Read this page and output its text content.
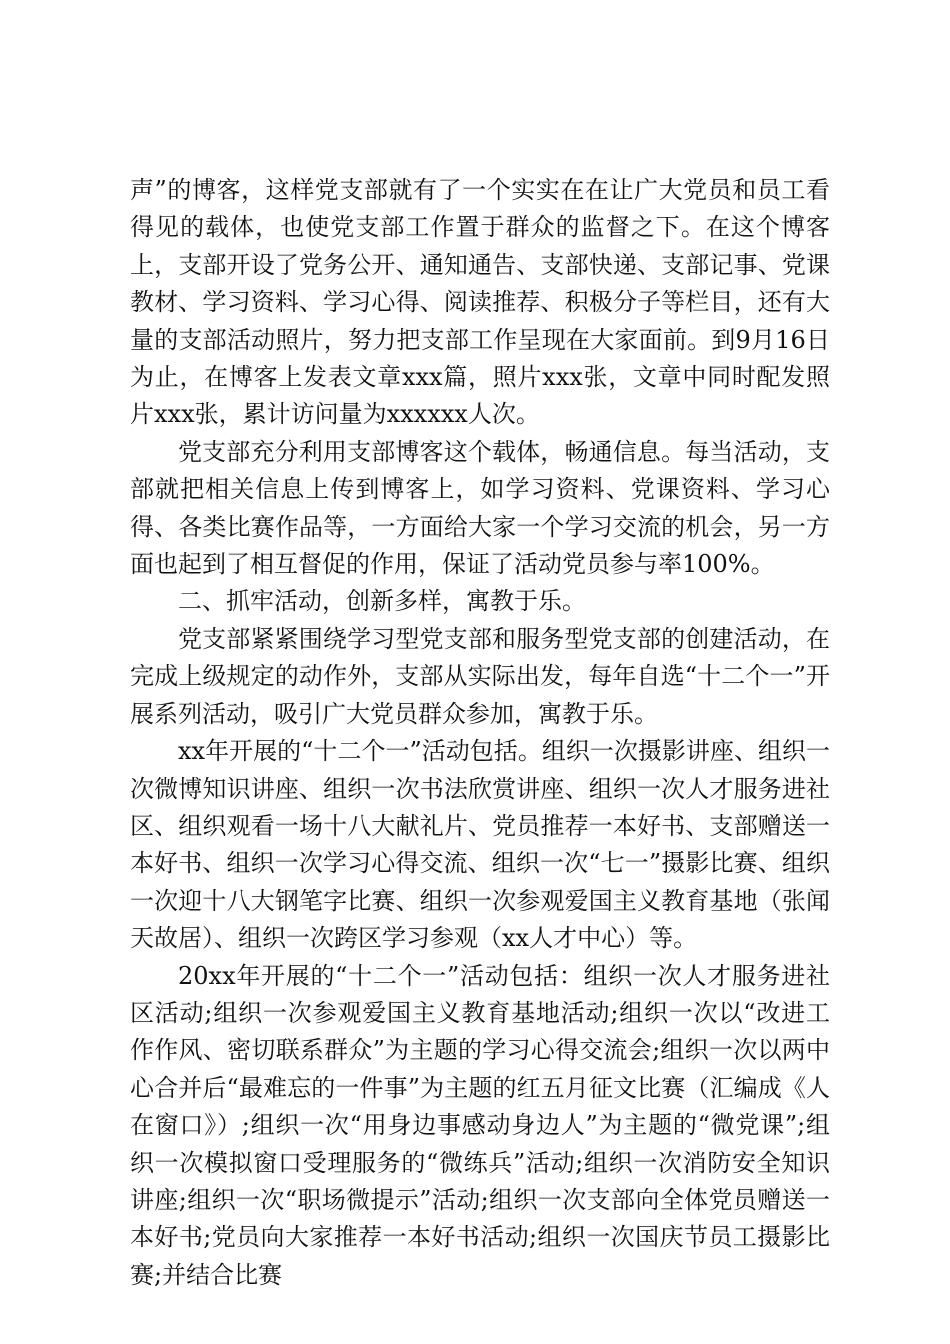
声”的博客，这样党支部就有了一个实实在在让广大党员和员工看得见的载体，也使党支部工作置于群众的监督之下。在这个博客上，支部开设了党务公开、通知通告、支部快递、支部记事、党课教材、学习资料、学习心得、阅读推荐、积极分子等栏目，还有大量的支部活动照片，努力把支部工作呈现在大家面前。到9月16日为止，在博客上发表文章xxx篇，照片xxx张，文章中同时配发照片xxx张，累计访问量为xxxxxx人次。

党支部充分利用支部博客这个载体，畅通信息。每当活动，支部就把相关信息上传到博客上，如学习资料、党课资料、学习心得、各类比赛作品等，一方面给大家一个学习交流的机会，另一方面也起到了相互督促的作用，保证了活动党员参与率100%。

二、抓牢活动，创新多样，寓教于乐。

党支部紧紧围绕学习型党支部和服务型党支部的创建活动，在完成上级规定的动作外，支部从实际出发，每年自选“十二个一”开展系列活动，吸引广大党员群众参加，寓教于乐。

xx年开展的“十二个一”活动包括。组织一次摄影讲座、组织一次微博知识讲座、组织一次书法欣赏讲座、组织一次人才服务进社区、组织观看一场十八大献礼片、党员推荐一本好书、支部赠送一本好书、组织一次学习心得交流、组织一次“七一”摄影比赛、组织一次迎十八大钢笔字比赛、组织一次参观爱国主义教育基地（张闻天故居）、组织一次跨区学习参观（xx人才中心）等。

20xx年开展的“十二个一”活动包括：组织一次人才服务进社区活动;组织一次参观爱国主义教育基地活动;组织一次以“改进工作作风、密切联系群众”为主题的学习心得交流会;组织一次以两中心合并后“最难忘的一件事”为主题的红五月征文比赛（汇编成《人在窗口》）;组织一次“用身边事感动身边人”为主题的“微党课”;组织一次模拟窗口受理服务的“微练兵”活动;组织一次消防安全知识讲座;组织一次“职场微提示”活动;组织一次支部向全体党员赠送一本好书;党员向大家推荐一本好书活动;组织一次国庆节员工摄影比赛;并结合比赛
